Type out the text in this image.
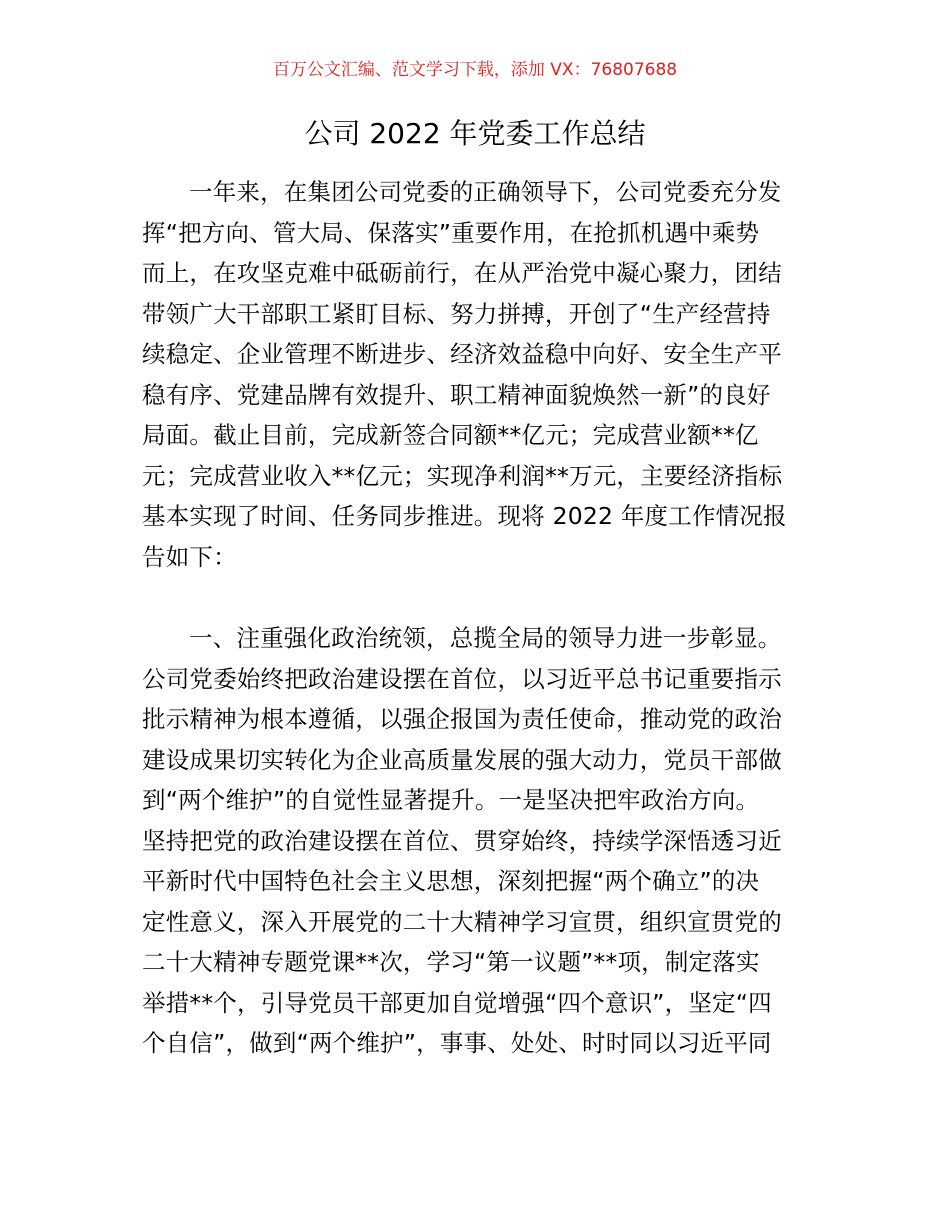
百万公文汇编、范文学习下载，添加 VX：76807688
公司 2022 年党委工作总结
一年来，在集团公司党委的正确领导下，公司党委充分发
挥“把方向、管大局、保落实”重要作用，在抢抓机遇中乘势
而上，在攻坚克难中砥砺前行，在从严治党中凝心聚力，团结
带领广大干部职工紧盯目标、努力拼搏，开创了“生产经营持
续稳定、企业管理不断进步、经济效益稳中向好、安全生产平
稳有序、党建品牌有效提升、职工精神面貌焕然一新”的良好
局面。截止目前，完成新签合同额**亿元；完成营业额**亿
元；完成营业收入**亿元；实现净利润**万元，主要经济指标
基本实现了时间、任务同步推进。现将 2022 年度工作情况报
告如下：
一、注重强化政治统领，总揽全局的领导力进一步彰显。
公司党委始终把政治建设摆在首位，以习近平总书记重要指示
批示精神为根本遵循，以强企报国为责任使命，推动党的政治
建设成果切实转化为企业高质量发展的强大动力，党员干部做
到“两个维护”的自觉性显著提升。一是坚决把牢政治方向。
坚持把党的政治建设摆在首位、贯穿始终，持续学深悟透习近
平新时代中国特色社会主义思想，深刻把握“两个确立”的决
定性意义，深入开展党的二十大精神学习宣贯，组织宣贯党的
二十大精神专题党课**次，学习“第一议题”**项，制定落实
举措**个，引导党员干部更加自觉增强“四个意识”，坚定“四
个自信”，做到“两个维护”，事事、处处、时时同以习近平同
